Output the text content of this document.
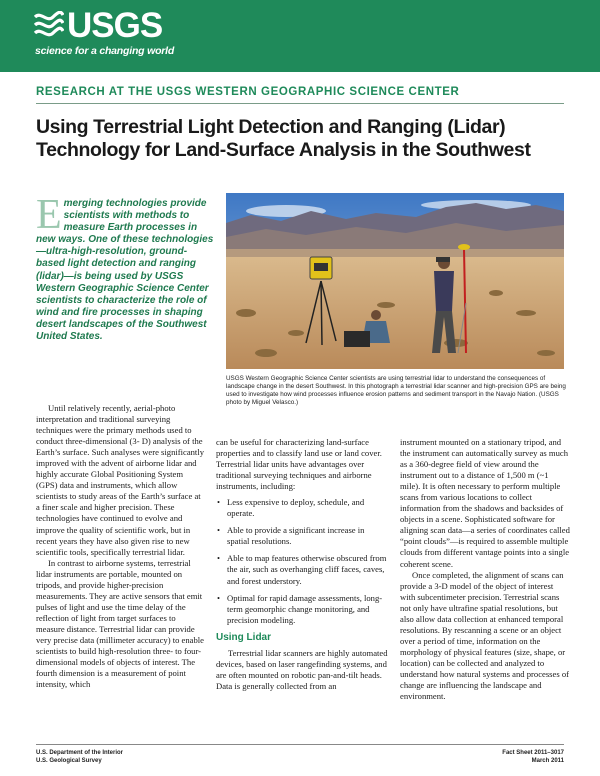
USGS
science for a changing world
RESEARCH AT THE USGS WESTERN GEOGRAPHIC SCIENCE CENTER
Using Terrestrial Light Detection and Ranging (Lidar)
Technology for Land-Surface Analysis in the Southwest
Emerging technologies provide scientists with methods to measure Earth processes in new ways. One of these technologies—ultra-high-resolution, ground-based light detection and ranging (lidar)—is being used by USGS Western Geographic Science Center scientists to characterize the role of wind and fire processes in shaping desert landscapes of the Southwest United States.
USGS Western Geographic Science Center scientists are using terrestrial lidar to understand the consequences of landscape change in the desert Southwest. In this photograph a terrestrial lidar scanner and high-precision GPS are being used to investigate how wind processes influence erosion patterns and sediment transport in the Navajo Nation. (USGS photo by Miguel Velasco.)

Until relatively recently, aerial-photo interpretation and traditional surveying techniques were the primary methods used to conduct three-dimensional (3- D) analysis of the Earth’s surface. Such analyses were significantly improved with the advent of airborne lidar and highly accurate Global Positioning System (GPS) data and instruments, which allow scientists to study areas of the Earth’s surface at a finer scale and higher precision. These technologies have continued to evolve and improve the quality of scientific work, but in recent years they have also given rise to new scientific tools, specifically terrestrial lidar.

In contrast to airborne systems, terrestrial lidar instruments are portable, mounted on tripods, and provide higher-precision measurements. They are active sensors that emit pulses of light and use the time delay of the reflection of light from target surfaces to measure distance. Terrestrial lidar can provide very precise data (millimeter accuracy) to enable scientists to build high-resolution three- to four-dimensional models of objects of interest. The fourth dimension is a measurement of point intensity, which

can be useful for characterizing land-surface properties and to classify land use or land cover. Terrestrial lidar units have advantages over traditional surveying techniques and airborne instruments, including:

• Less expensive to deploy, schedule, and operate.
• Able to provide a significant increase in spatial resolutions.
• Able to map features otherwise obscured from the air, such as overhanging cliff faces, caves, and forest understory.
• Optimal for rapid damage assessments, long-term geomorphic change monitoring, and precision modeling.
Using Lidar

Terrestrial lidar scanners are highly automated devices, based on laser rangefinding systems, and are often mounted on robotic pan-and-tilt heads. Data is generally collected from an

instrument mounted on a stationary tripod, and the instrument can automatically survey as much as a 360-degree field of view around the instrument out to a distance of 1,500 m (~1 mile). It is often necessary to perform multiple scans from various locations to collect information from the shadows and backsides of objects in a scene. Sophisticated software for aligning scan data—a series of coordinates called “point clouds”—is required to assemble multiple clouds from different vantage points into a single coherent scene.

Once completed, the alignment of scans can provide a 3-D model of the object of interest with subcentimeter precision. Terrestrial scans not only have ultrafine spatial resolutions, but also allow data collection at enhanced temporal resolutions. By rescanning a scene or an object over a period of time, information on the morphology of physical features (size, shape, or location) can be collected and analyzed to understand how natural systems and processes of change are influencing the landscape and environment.

U.S. Department of the Interior
U.S. Geological Survey
Fact Sheet 2011–3017
March 2011
